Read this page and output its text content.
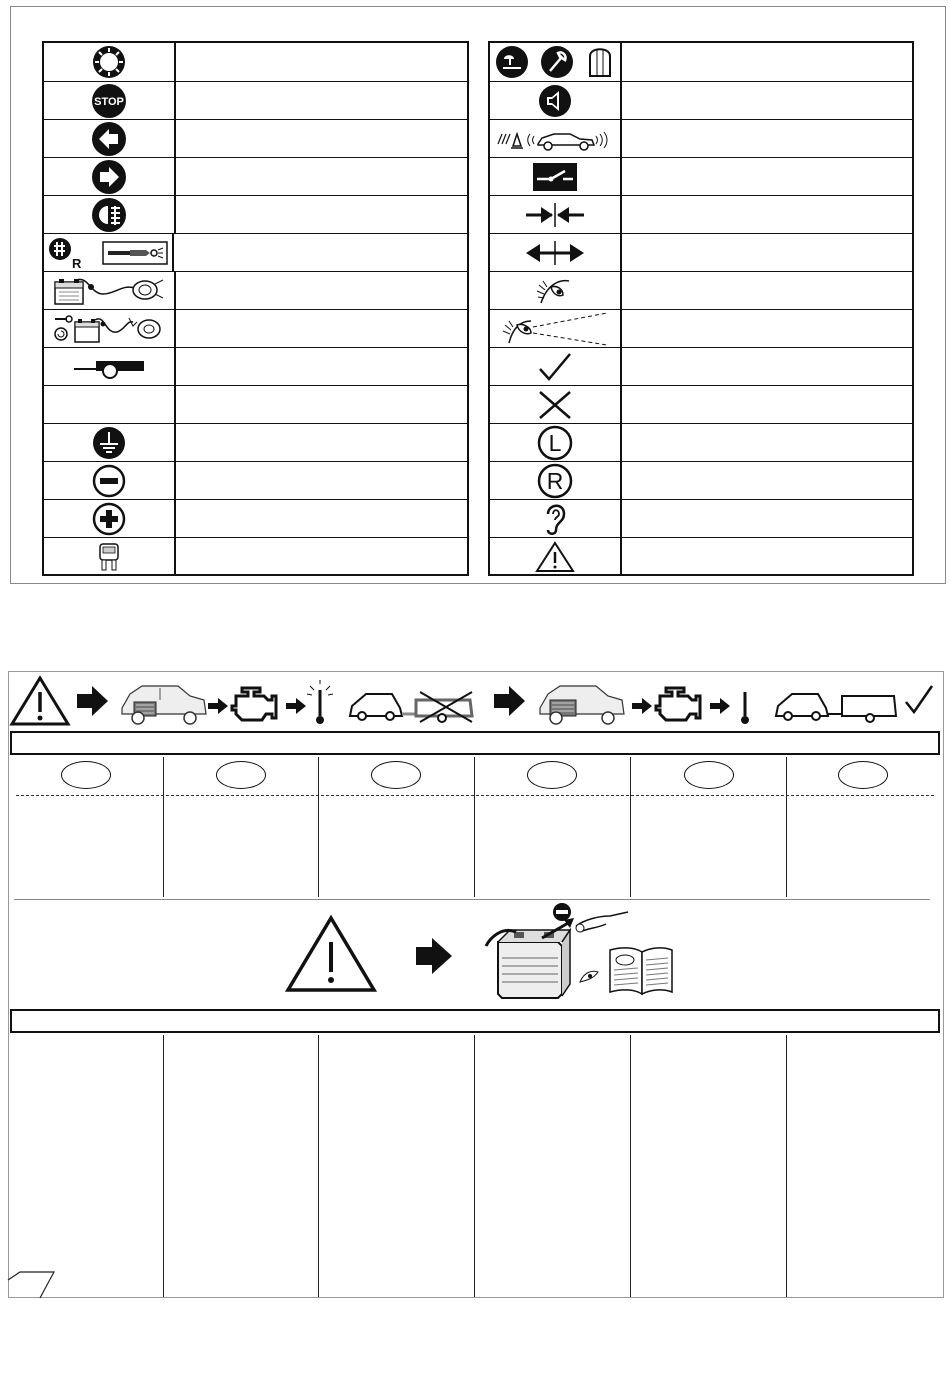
STOP
R
L
R
